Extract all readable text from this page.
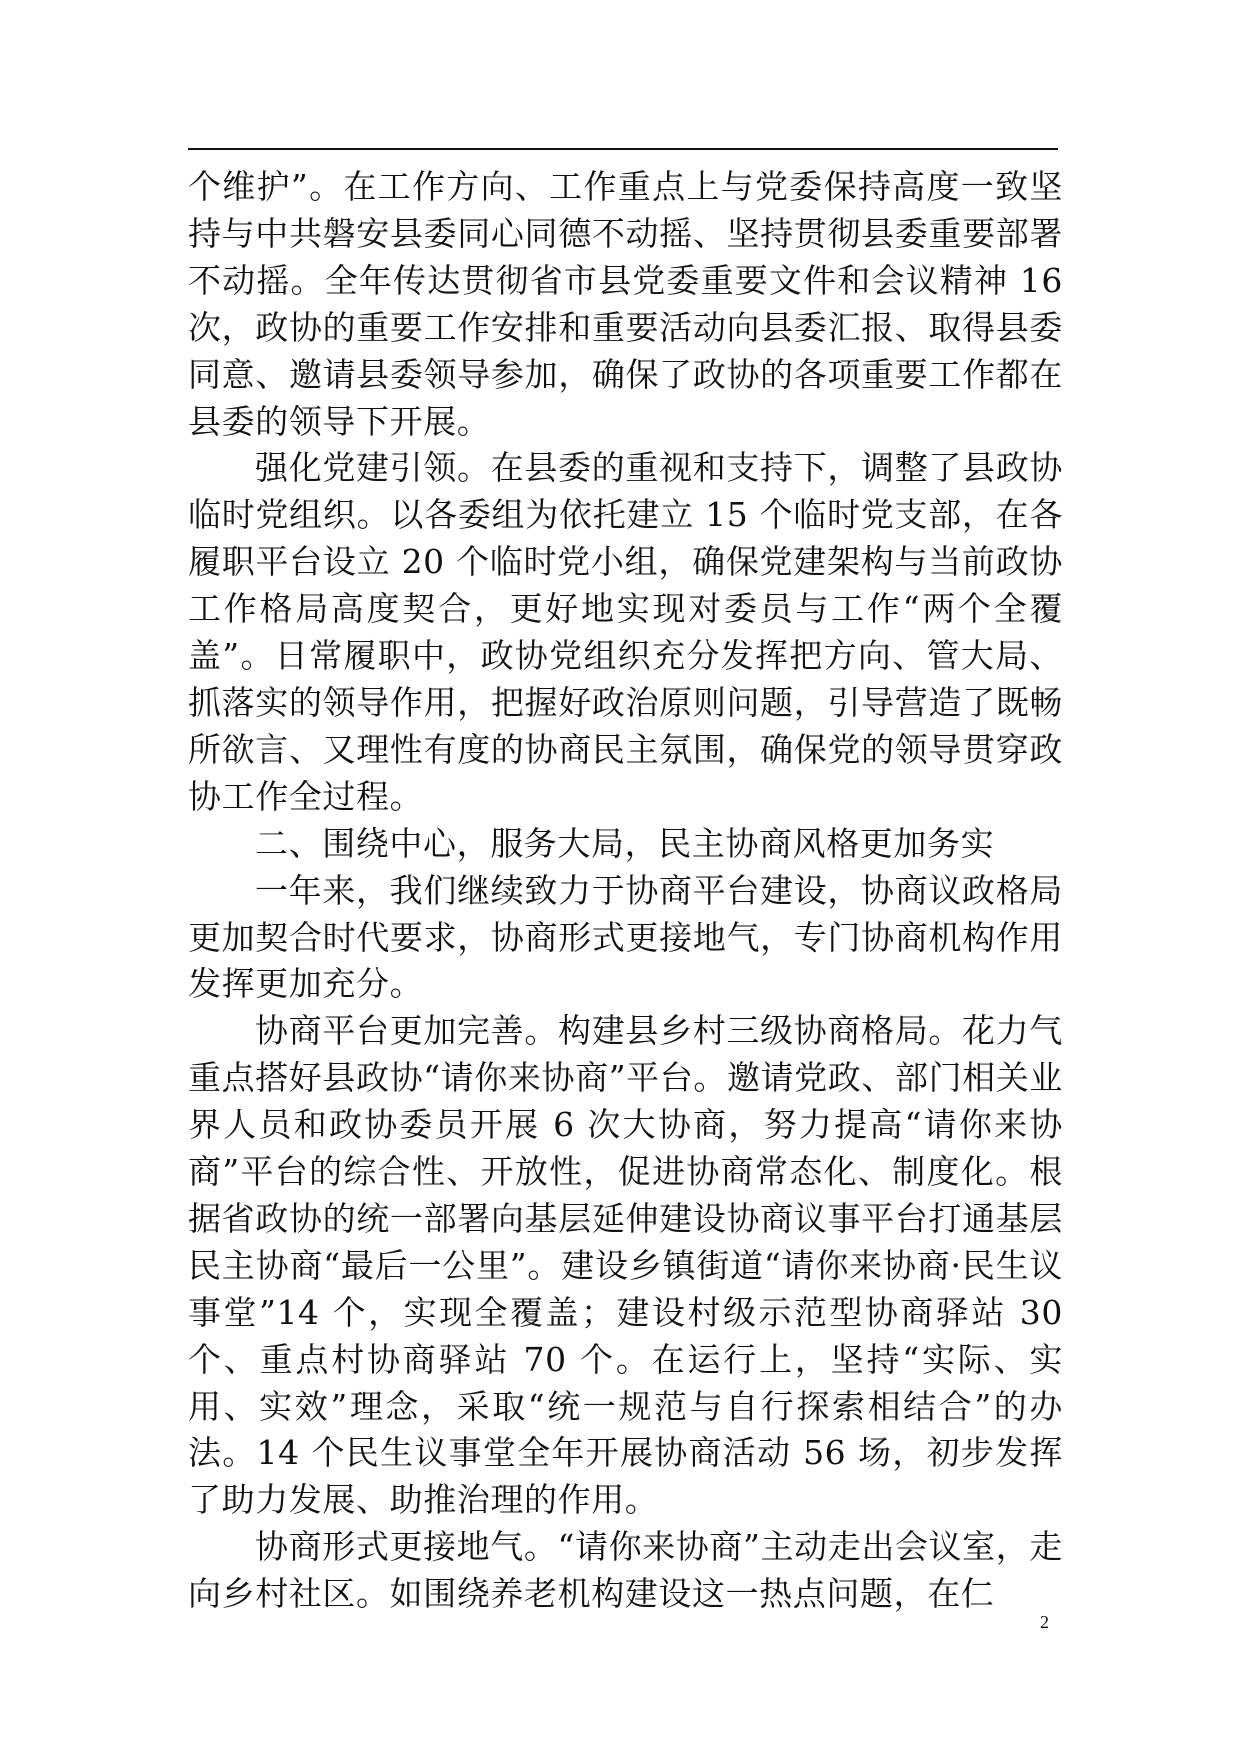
个维护”。在工作方向、工作重点上与党委保持高度一致坚持与中共磐安县委同心同德不动摇、坚持贯彻县委重要部署不动摇。全年传达贯彻省市县党委重要文件和会议精神 16 次，政协的重要工作安排和重要活动向县委汇报、取得县委同意、邀请县委领导参加，确保了政协的各项重要工作都在县委的领导下开展。

强化党建引领。在县委的重视和支持下，调整了县政协临时党组织。以各委组为依托建立 15 个临时党支部，在各履职平台设立 20 个临时党小组，确保党建架构与当前政协工作格局高度契合，更好地实现对委员与工作“两个全覆盖”。日常履职中，政协党组织充分发挥把方向、管大局、抓落实的领导作用，把握好政治原则问题，引导营造了既畅所欲言、又理性有度的协商民主氛围，确保党的领导贯穿政协工作全过程。

二、围绕中心，服务大局，民主协商风格更加务实

一年来，我们继续致力于协商平台建设，协商议政格局更加契合时代要求，协商形式更接地气，专门协商机构作用发挥更加充分。

协商平台更加完善。构建县乡村三级协商格局。花力气重点搭好县政协“请你来协商”平台。邀请党政、部门相关业界人员和政协委员开展 6 次大协商，努力提高“请你来协商”平台的综合性、开放性，促进协商常态化、制度化。根据省政协的统一部署向基层延伸建设协商议事平台打通基层民主协商“最后一公里”。建设乡镇街道“请你来协商·民生议事堂”14 个，实现全覆盖；建设村级示范型协商驿站 30 个、重点村协商驿站 70 个。在运行上，坚持“实际、实用、实效”理念，采取“统一规范与自行探索相结合”的办法。14 个民生议事堂全年开展协商活动 56 场，初步发挥了助力发展、助推治理的作用。

协商形式更接地气。“请你来协商”主动走出会议室，走向乡村社区。如围绕养老机构建设这一热点问题，在仁

2
